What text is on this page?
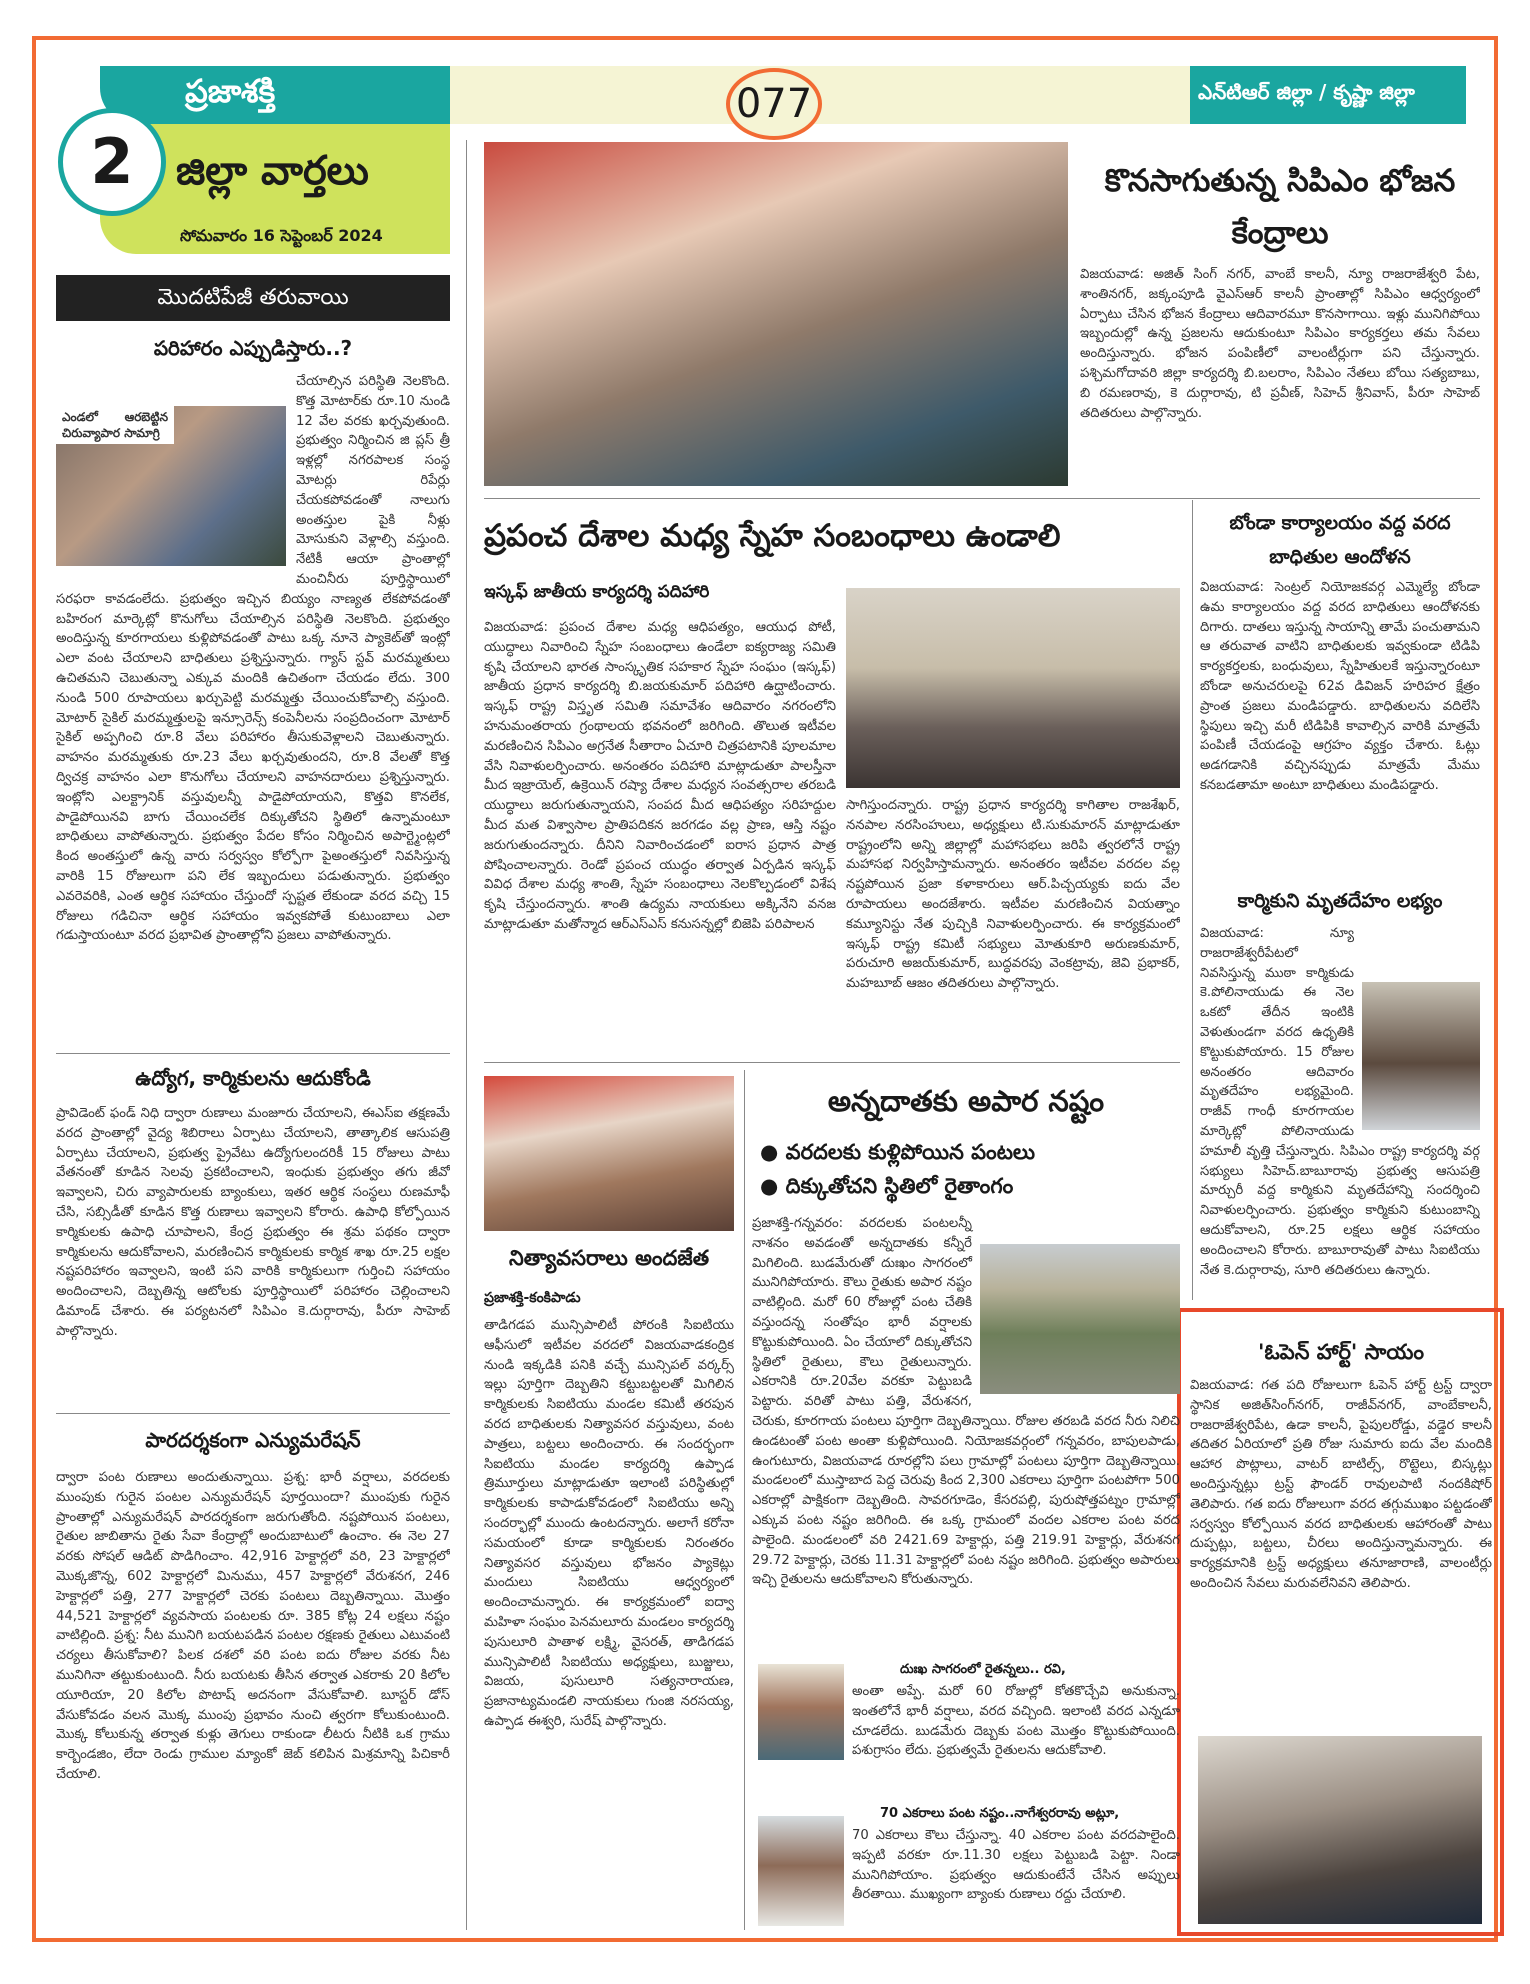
ప్రజాశక్తి	077	ఎన్‌టిఆర్ జిల్లా / కృష్ణా జిల్లా
2	జిల్లా వార్తలు
సోమవారం 16 సెప్టెంబర్ 2024
మొదటిపేజీ తరువాయి
పరిహారం ఎప్పుడిస్తారు..?
ఎండలో ఆరబెట్టిన చిరువ్యాపార సామాగ్రి
చేయాల్సిన పరిస్థితి నెలకొంది. కొత్త మోటార్‌కు రూ.10 నుండి 12 వేల వరకు ఖర్చవుతుంది. ప్రభుత్వం నిర్మించిన జి ప్లస్ త్రీ ఇళ్లల్లో నగరపాలక సంస్థ మోటర్లు రిపేర్లు చేయకపోవడంతో నాలుగు అంతస్తుల పైకి నీళ్లు మోసుకుని వెళ్లాల్సి వస్తుంది. నేటికీ ఆయా ప్రాంతాల్లో మంచినీరు పూర్తిస్థాయిలో సరఫరా కావడంలేదు. ప్రభుత్వం ఇచ్చిన బియ్యం నాణ్యత లేకపోవడంతో బహిరంగ మార్కెట్లో కొనుగోలు చేయాల్సిన పరిస్థితి నెలకొంది. ప్రభుత్వం అందిస్తున్న కూరగాయలు కుళ్లిపోవడంతో పాటు ఒక్క నూనె ప్యాకెట్‌తో ఇంట్లో ఎలా వంట చేయాలని బాధితులు ప్రశ్నిస్తున్నారు. గ్యాస్ స్టవ్ మరమ్మతులు ఉచితమని చెబుతున్నా ఎక్కువ మందికి ఉచితంగా చేయడం లేదు. 300 నుండి 500 రూపాయలు ఖర్చుపెట్టి మరమ్మత్తు చేయించుకోవాల్సి వస్తుంది. మోటార్ సైకిల్ మరమ్మత్తులపై ఇన్సూరెన్స్ కంపెనీలను సంప్రదించంగా మోటార్ సైకిల్ అప్పగించి రూ.8 వేలు పరిహారం తీసుకువెళ్లాలని చెబుతున్నారు. వాహనం మరమ్మతుకు రూ.23 వేలు ఖర్చవుతుందని, రూ.8 వేలతో కొత్త ద్విచక్ర వాహనం ఎలా కొనుగోలు చేయాలని వాహనదారులు ప్రశ్నిస్తున్నారు. ఇంట్లోని ఎలక్ట్రానిక్ వస్తువులన్నీ పాడైపోయాయని, కొత్తవి కొనలేక, పాడైపోయినవి బాగు చేయించలేక దిక్కుతోచని స్థితిలో ఉన్నామంటూ బాధితులు వాపోతున్నారు. ప్రభుత్వం పేదల కోసం నిర్మించిన అపార్ట్మెంట్లలో కింద అంతస్తులో ఉన్న వారు సర్వస్వం కోల్పోగా పైఅంతస్తులో నివసిస్తున్న వారికి 15 రోజులుగా పని లేక ఇబ్బందులు పడుతున్నారు. ప్రభుత్వం ఎవరెవరికి, ఎంత ఆర్థిక సహాయం చేస్తుందో స్పష్టత లేకుండా వరద వచ్చి 15 రోజులు గడిచినా ఆర్థిక సహాయం ఇవ్వకపోతే కుటుంబాలు ఎలా గడుస్తాయంటూ వరద ప్రభావిత ప్రాంతాల్లోని ప్రజలు వాపోతున్నారు.
ఉద్యోగ, కార్మికులను ఆదుకోండి
ప్రావిడెంట్ ఫండ్ నిధి ద్వారా రుణాలు మంజూరు చేయాలని, ఈఎస్ఐ తక్షణమే వరద ప్రాంతాల్లో వైద్య శిబిరాలు ఏర్పాటు చేయాలని, తాత్కాలిక ఆసుపత్రి ఏర్పాటు చేయాలని, ప్రభుత్వ ప్రైవేటు ఉద్యోగులందరికీ 15 రోజులు పాటు వేతనంతో కూడిన సెలవు ప్రకటించాలని, ఇంధుకు ప్రభుత్వం తగు జీవో ఇవ్వాలని, చిరు వ్యాపారులకు బ్యాంకులు, ఇతర ఆర్థిక సంస్థలు రుణమాఫీ చేసి, సబ్సిడీతో కూడిన కొత్త రుణాలు ఇవ్వాలని కోరారు. ఉపాధి కోల్పోయిన కార్మికులకు ఉపాధి చూపాలని, కేంద్ర ప్రభుత్వం ఈ శ్రమ పథకం ద్వారా కార్మికులను ఆదుకోవాలని, మరణించిన కార్మికులకు కార్మిక శాఖ రూ.25 లక్షల నష్టపరిహారం ఇవ్వాలని, ఇంటి పని వారికి కార్మికులుగా గుర్తించి సహాయం అందించాలని, దెబ్బతిన్న ఆటోలకు పూర్తిస్థాయిలో పరిహారం చెల్లించాలని డిమాండ్ చేశారు. ఈ పర్యటనలో సిపిఎం కె.దుర్గారావు, పీరూ సాహెబ్ పాల్గొన్నారు.
పారదర్శకంగా ఎన్యుమరేషన్
ద్వారా పంట రుణాలు అందుతున్నాయి. ప్రశ్న: భారీ వర్షాలు, వరదలకు ముంపుకు గురైన పంటల ఎన్యుమరేషన్ పూర్తయిందా? ముంపుకు గురైన ప్రాంతాల్లో ఎన్యుమరేషన్ పారదర్శకంగా జరుగుతోంది. నష్టపోయిన పంటలు, రైతుల జాబితాను రైతు సేవా కేంద్రాల్లో అందుబాటులో ఉంచాం. ఈ నెల 27 వరకు సోషల్ ఆడిట్ పొడిగించాం. 42,916 హెక్టార్లలో వరి, 23 హెక్టార్లలో మొక్కజొన్న, 602 హెక్టార్లలో మినుము, 457 హెక్టార్లలో వేరుశనగ, 246 హెక్టార్లలో పత్తి, 277 హెక్టార్లలో చెరకు పంటలు దెబ్బతిన్నాయి. మొత్తం 44,521 హెక్టార్లలో వ్యవసాయ పంటలకు రూ. 385 కోట్ల 24 లక్షలు నష్టం వాటిల్లింది. ప్రశ్న: నీట మునిగి బయటపడిన పంటల రక్షణకు రైతులు ఎటువంటి చర్యలు తీసుకోవాలి? పిలక దశలో వరి పంట ఐదు రోజుల వరకు నీట మునిగినా తట్టుకుంటుంది. నీరు బయటకు తీసిన తర్వాత ఎకరాకు 20 కిలోల యూరియా, 20 కిలోల పొటాష్ అదనంగా వేసుకోవాలి. బూస్టర్ డోస్ వేసుకోవడం వలన మొక్క ముంపు ప్రభావం నుంచి త్వరగా కోలుకుంటుంది. మొక్క కోలుకున్న తర్వాత కుళ్లు తెగులు రాకుండా లీటరు నీటికి ఒక గ్రాము కార్బెండజిం, లేదా రెండు గ్రాముల మ్యాంకో జెబ్ కలిపిన మిశ్రమాన్ని పిచికారీ చేయాలి.
కొనసాగుతున్న సిపిఎం భోజన కేంద్రాలు
విజయవాడ: అజిత్ సింగ్ నగర్, వాంబే కాలనీ, న్యూ రాజరాజేశ్వరి పేట, శాంతినగర్, జక్కంపూడి వైఎస్ఆర్ కాలనీ ప్రాంతాల్లో సిపిఎం ఆధ్వర్యంలో ఏర్పాటు చేసిన భోజన కేంద్రాలు ఆదివారమూ కొనసాగాయి. ఇళ్లు మునిగిపోయి ఇబ్బందుల్లో ఉన్న ప్రజలను ఆదుకుంటూ సిపిఎం కార్యకర్తలు తమ సేవలు అందిస్తున్నారు. భోజన పంపిణీలో వాలంటీర్లుగా పని చేస్తున్నారు. పశ్చిమగోదావరి జిల్లా కార్యదర్శి బి.బలరాం, సిపిఎం నేతలు బోయి సత్యబాబు, బి రమణరావు, కె దుర్గారావు, టి ప్రవీణ్, సిహెచ్ శ్రీనివాస్, పీరూ సాహెబ్ తదితరులు పాల్గొన్నారు.
ప్రపంచ దేశాల మధ్య స్నేహ సంబంధాలు ఉండాలి
ఇస్కఫ్ జాతీయ కార్యదర్శి పదిహారి
విజయవాడ: ప్రపంచ దేశాల మధ్య ఆధిపత్యం, ఆయుధ పోటీ, యుద్ధాలు నివారించి స్నేహ సంబంధాలు ఉండేలా ఐక్యరాజ్య సమితి కృషి చేయాలని భారత సాంస్కృతిక సహకార స్నేహ సంఘం (ఇస్కఫ్) జాతీయ ప్రధాన కార్యదర్శి బి.జయకుమార్ పదిహారి ఉద్ఘాటించారు. ఇస్కఫ్ రాష్ట్ర విస్తృత సమితి సమావేశం ఆదివారం నగరంలోని హనుమంతరాయ గ్రంథాలయ భవనంలో జరిగింది. తొలుత ఇటీవల మరణించిన సిపిఎం అగ్రనేత సీతారాం ఏచూరి చిత్రపటానికి పూలమాల వేసి నివాళులర్పించారు. అనంతరం పదిహారి మాట్లాడుతూ పాలస్తీనా మీద ఇజ్రాయెల్, ఉక్రెయిన్ రష్యా దేశాల మధ్యన సంవత్సరాల తరబడి యుద్ధాలు జరుగుతున్నాయని, సంపద మీద ఆధిపత్యం సరిహద్దుల మీద మత విశ్వాసాల ప్రాతిపదికన జరగడం వల్ల ప్రాణ, ఆస్తి నష్టం జరుగుతుందన్నారు. దీనిని నివారించడంలో ఐరాస ప్రధాన పాత్ర పోషించాలన్నారు. రెండో ప్రపంచ యుద్ధం తర్వాత ఏర్పడిన ఇస్కఫ్ వివిధ దేశాల మధ్య శాంతి, స్నేహ సంబంధాలు నెలకొల్పడంలో విశేష కృషి చేస్తుందన్నారు. శాంతి ఉద్యమ నాయకులు అక్కినేని వనజ మాట్లాడుతూ మతోన్మాద ఆర్ఎస్ఎస్ కనుసన్నల్లో బిజెపి పరిపాలన
సాగిస్తుందన్నారు. రాష్ట్ర ప్రధాన కార్యదర్శి కాగితాల రాజశేఖర్, ననపాల నరసింహులు, అధ్యక్షులు టి.సుకుమారన్ మాట్లాడుతూ రాష్ట్రంలోని అన్ని జిల్లాల్లో మహాసభలు జరిపి త్వరలోనే రాష్ట్ర మహాసభ నిర్వహిస్తామన్నారు. అనంతరం ఇటీవల వరదల వల్ల నష్టపోయిన ప్రజా కళాకారులు ఆర్.పిచ్చయ్యకు ఐదు వేల రూపాయలు అందజేశారు. ఇటీవల మరణించిన వియత్నాం కమ్యూనిస్టు నేత పుచ్చికి నివాళులర్పించారు. ఈ కార్యక్రమంలో ఇస్కఫ్ రాష్ట్ర కమిటీ సభ్యులు మోతుకూరి అరుణకుమార్, పరుచూరి అజయ్‌కుమార్, బుద్ధవరపు వెంకట్రావు, జెవి ప్రభాకర్, మహబూబ్ ఆజం తదితరులు పాల్గొన్నారు.
బోండా కార్యాలయం వద్ద వరద బాధితుల ఆందోళన
విజయవాడ: సెంట్రల్ నియోజకవర్గ ఎమ్మెల్యే బోండా ఉమ కార్యాలయం వద్ద వరద బాధితులు ఆందోళనకు దిగారు. దాతలు ఇస్తున్న సాయాన్ని తామే పంచుతామని ఆ తరువాత వాటిని బాధితులకు ఇవ్వకుండా టిడిపి కార్యకర్తలకు, బంధువులు, స్నేహితులకే ఇస్తున్నారంటూ బోండా అనుచరులపై 62వ డివిజన్ హరిహర క్షేత్రం ప్రాంత ప్రజలు మండిపడ్డారు. బాధితులను వదిలేసి స్థిపులు ఇచ్చి మరీ టిడిపికి కావాల్సిన వారికి మాత్రమే పంపిణీ చేయడంపై ఆగ్రహం వ్యక్తం చేశారు. ఓట్లు అడగడానికి వచ్చినప్పుడు మాత్రమే మేము కనబడతామా అంటూ బాధితులు మండిపడ్డారు.
కార్మికుని మృతదేహం లభ్యం
విజయవాడ: న్యూ రాజరాజేశ్వరీపేటలో నివసిస్తున్న ముఠా కార్మికుడు కె.పోలినాయుడు ఈ నెల ఒకటో తేదీన ఇంటికి వెళుతుండగా వరద ఉధృతికి కొట్టుకుపోయారు. 15 రోజుల అనంతరం ఆదివారం మృతదేహం లభ్యమైంది. రాజీవ్ గాంధీ కూరగాయల మార్కెట్లో పోలినాయుడు హమాలీ వృత్తి చేస్తున్నారు. సిపిఎం రాష్ట్ర కార్యదర్శి వర్గ సభ్యులు సిహెచ్.బాబూరావు ప్రభుత్వ ఆసుపత్రి మార్చురీ వద్ద కార్మికుని మృతదేహాన్ని సందర్శించి నివాళులర్పించారు. ప్రభుత్వం కార్మికుని కుటుంబాన్ని ఆదుకోవాలని, రూ.25 లక్షలు ఆర్థిక సహాయం అందించాలని కోరారు. బాబూరావుతో పాటు సిఐటియు నేత కె.దుర్గారావు, సూరి తదితరులు ఉన్నారు.
'ఓపెన్ హార్ట్' సాయం
విజయవాడ: గత పది రోజులుగా ఓపెన్ హార్ట్ ట్రస్ట్ ద్వారా స్థానిక అజిత్‌సింగ్‌నగర్, రాజీవ్‌నగర్, వాంబేకాలనీ, రాజరాజేశ్వరిపేట, ఉడా కాలనీ, పైపులరోడ్డు, వడ్డెర కాలనీ తదితర ఏరియాలో ప్రతి రోజు సుమారు ఐదు వేల మందికి ఆహార పొట్లాలు, వాటర్ బాటిల్స్, రొట్టెలు, బిస్కట్లు అందిస్తున్నట్లు ట్రస్ట్ ఫౌండర్ రావులపాటి నందకిషోర్ తెలిపారు. గత ఐదు రోజులుగా వరద తగ్గుముఖం పట్టడంతో సర్వస్వం కోల్పోయిన వరద బాధితులకు ఆహారంతో పాటు దుప్పట్లు, బట్టలు, చీరలు అందిస్తున్నామన్నారు. ఈ కార్యక్రమానికి ట్రస్ట్ అధ్యక్షులు తనూజారాణి, వాలంటీర్లు అందించిన సేవలు మరువలేనివని తెలిపారు.
నిత్యావసరాలు అందజేత
ప్రజాశక్తి-కంకిపాడు
తాడిగడప మున్సిపాలిటీ పోరంకి సిఐటియు ఆఫీసులో ఇటీవల వరదలో విజయవాడకంద్రిక నుండి ఇక్కడికి పనికి వచ్చే మున్సిపల్ వర్కర్స్ ఇల్లు పూర్తిగా దెబ్బతిని కట్టుబట్టలతో మిగిలిన కార్మికులకు సిఐటియు మండల కమిటీ తరపున వరద బాధితులకు నిత్యావసర వస్తువులు, వంట పాత్రలు, బట్టలు అందించారు. ఈ సందర్భంగా సిఐటియు మండల కార్యదర్శి ఉప్పాడ త్రిమూర్తులు మాట్లాడుతూ ఇలాంటి పరిస్థితుల్లో కార్మికులకు కాపాడుకోవడంలో సిఐటియు అన్ని సందర్భాల్లో ముందు ఉంటదన్నారు. అలాగే కరోనా సమయంలో కూడా కార్మికులకు నిరంతరం నిత్యావసర వస్తువులు భోజనం ప్యాకెట్లు మందులు సిఐటియు ఆధ్వర్యంలో అందించామన్నారు. ఈ కార్యక్రమంలో ఐద్వా మహిళా సంఘం పెనమలూరు మండలం కార్యదర్శి పుసులూరి పాతాళ లక్ష్మి, వైసరత్, తాడిగడప మున్సిపాలిటీ సిఐటియు అధ్యక్షులు, బుజ్జులు, విజయ, పుసులూరి సత్యనారాయణ, ప్రజానాట్యమండలి నాయకులు గుంజి నరసయ్య, ఉప్పాడ ఈశ్వరి, సురేష్ పాల్గొన్నారు.
అన్నదాతకు అపార నష్టం
● వరదలకు కుళ్లిపోయిన పంటలు
● దిక్కుతోచని స్థితిలో రైతాంగం
ప్రజాశక్తి-గన్నవరం: వరదలకు పంటలన్నీ నాశనం అవడంతో అన్నదాతకు కన్నీరే మిగిలింది. బుడమేరుతో దుఃఖం సాగరంలో మునిగిపోయారు. కౌలు రైతుకు అపార నష్టం వాటిల్లింది. మరో 60 రోజుల్లో పంట చేతికి వస్తుందన్న సంతోషం భారీ వర్షాలకు కొట్టుకుపోయింది. ఏం చేయాలో దిక్కుతోచని స్థితిలో రైతులు, కౌలు రైతులున్నారు. ఎకరానికి రూ.20వేల వరకూ పెట్టుబడి పెట్టారు. వరితో పాటు పత్తి, వేరుశనగ, చెరుకు, కూరగాయ పంటలు పూర్తిగా దెబ్బతిన్నాయి. రోజుల తరబడి వరద నీరు నిలిచి ఉండటంతో పంట అంతా కుళ్లిపోయింది. నియోజకవర్గంలో గన్నవరం, బాపులపాడు, ఉంగుటూరు, విజయవాడ రూరల్లోని పలు గ్రామాల్లో పంటలు పూర్తిగా దెబ్బతిన్నాయి. మండలంలో ముస్తాబాద పెద్ద చెరువు కింద 2,300 ఎకరాలు పూర్తిగా పంటపోగా 500 ఎకరాల్లో పాక్షికంగా దెబ్బతింది. సావరగూడెం, కేసరపల్లి, పురుషోత్తపట్నం గ్రామాల్లో ఎక్కువ పంట నష్టం జరిగింది. ఈ ఒక్క గ్రామంలో వందల ఎకరాల పంట వరద పాలైంది. మండలంలో వరి 2421.69 హెక్టార్లు, పత్తి 219.91 హెక్టార్లు, వేరుశనగ 29.72 హెక్టార్లు, చెరకు 11.31 హెక్టార్లలో పంట నష్టం జరిగింది. ప్రభుత్వం అపారులు ఇచ్చి రైతులను ఆదుకోవాలని కోరుతున్నారు.
దుఃఖ సాగరంలో రైతన్నలు.. రవి,
అంతా అప్పే. మరో 60 రోజుల్లో కోతకొచ్చేవి అనుకున్నా. ఇంతలోనే భారీ వర్షాలు, వరద వచ్చింది. ఇలాంటి వరద ఎన్నడూ చూడలేదు. బుడమేరు దెబ్బకు పంట మొత్తం కొట్టుకుపోయింది. పశుగ్రాసం లేదు. ప్రభుత్వమే రైతులను ఆదుకోవాలి.
70 ఎకరాలు పంట నష్టం..నాగేశ్వరరావు అట్లూ,
70 ఎకరాలు కౌలు చేస్తున్నా. 40 ఎకరాల పంట వరదపాలైంది. ఇప్పటి వరకూ రూ.11.30 లక్షలు పెట్టుబడి పెట్టా. నిండా మునిగిపోయాం. ప్రభుత్వం ఆదుకుంటేనే చేసిన అప్పులు తీరతాయి. ముఖ్యంగా బ్యాంకు రుణాలు రద్దు చేయాలి.
